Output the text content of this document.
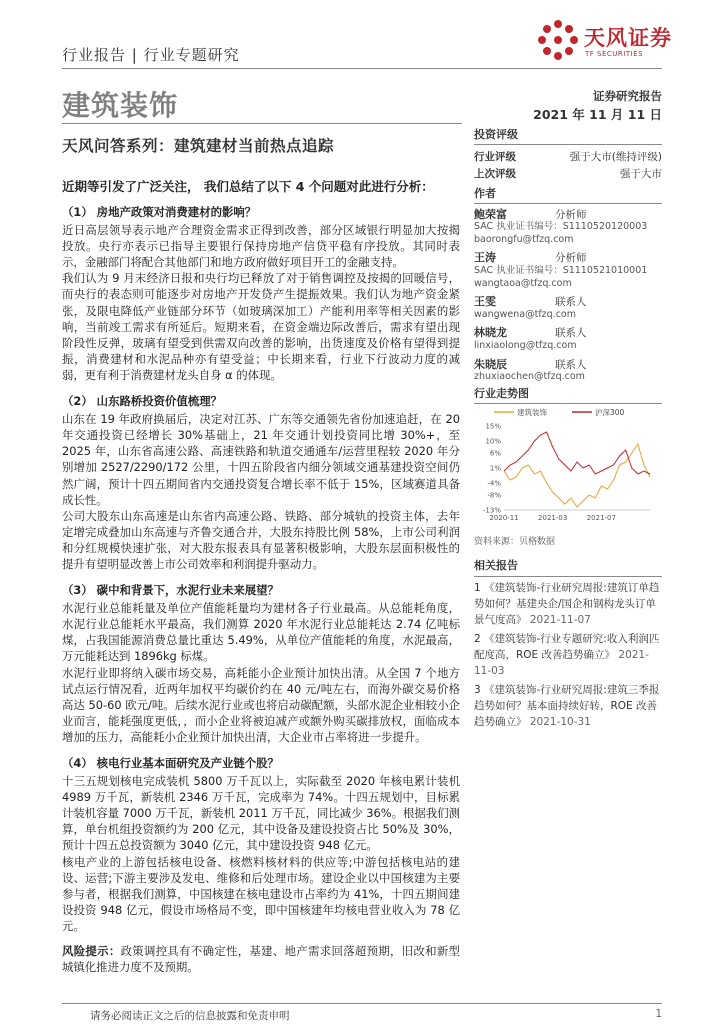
行业报告 | 行业专题研究
天风证券
TF SECURITIES
建筑装饰	证券研究报告
2021 年 11 月 11 日
天风问答系列：建筑建材当前热点追踪
近期等引发了广泛关注， 我们总结了以下 4 个问题对此进行分析：

（1） 房地产政策对消费建材的影响？

近日高层领导表示地产合理资金需求正得到改善，部分区域银行明显加大按揭投放。央行亦表示已指导主要银行保持房地产信贷平稳有序投放。其同时表示，金融部门将配合其他部门和地方政府做好项目开工的金融支持。

我们认为 9 月末经济日报和央行均已释放了对于销售调控及按揭的回暖信号，而央行的表态则可能逐步对房地产开发贷产生提振效果。我们认为地产资金紧张，及限电降低产业链部分环节（如玻璃深加工）产能利用率等相关因素的影响，当前竣工需求有所延后。短期来看，在资金端边际改善后，需求有望出现阶段性反弹，玻璃有望受到供需双向改善的影响，出货速度及价格有望得到提振，消费建材和水泥品种亦有望受益；中长期来看，行业下行波动力度的减弱，更有利于消费建材龙头自身 α 的体现。

（2） 山东路桥投资价值梳理？

山东在 19 年政府换届后，决定对江苏、广东等交通领先省份加速追赶，在 20 年交通投资已经增长 30%基础上，21 年交通计划投资同比增 30%+，至 2025 年，山东省高速公路、高速铁路和轨道交通通车/运营里程较 2020 年分别增加 2527/2290/172 公里，十四五阶段省内细分领域交通基建投资空间仍然广阔，预计十四五期间省内交通投资复合增长率不低于 15%，区域赛道具备成长性。

公司大股东山东高速是山东省内高速公路、铁路、部分城轨的投资主体，去年定增完成叠加山东高速与齐鲁交通合并，大股东持股比例 58%，上市公司利润和分红规模快速扩张，对大股东报表具有显著积极影响，大股东层面积极性的提升有望明显改善上市公司效率和利润提升驱动力。

（3） 碳中和背景下，水泥行业未来展望？

水泥行业总能耗量及单位产值能耗量均为建材各子行业最高。从总能耗角度，水泥行业总能耗水平最高，我们测算 2020 年水泥行业总能耗达 2.74 亿吨标煤，占我国能源消费总量比重达 5.49%，从单位产值能耗的角度，水泥最高，万元能耗达到 1896kg 标煤。

水泥行业即将纳入碳市场交易，高耗能小企业预计加快出清。从全国 7 个地方试点运行情况看，近两年加权平均碳价约在 40 元/吨左右，而海外碳交易价格高达 50-60 欧元/吨。后续水泥行业或也将启动碳配额，头部水泥企业相较小企业而言，能耗强度更低，，而小企业将被迫减产或额外购买碳排放权，面临成本增加的压力，高能耗小企业预计加快出清，大企业市占率将进一步提升。

（4） 核电行业基本面研究及产业链个股？

十三五规划核电完成装机 5800 万千瓦以上，实际截至 2020 年核电累计装机 4989 万千瓦，新装机 2346 万千瓦，完成率为 74%。十四五规划中，目标累计装机容量 7000 万千瓦，新装机 2011 万千瓦，同比减少 36%。根据我们测算，单台机组投资额约为 200 亿元，其中设备及建设投资占比 50%及 30%，预计十四五总投资额为 3040 亿元，其中建设投资 948 亿元。

核电产业的上游包括核电设备、核燃料核材料的供应等;中游包括核电站的建设、运营;下游主要涉及发电、维修和后处理市场。建设企业以中国核建为主要参与者，根据我们测算，中国核建在核电建设市占率约为 41%，十四五期间建设投资 948 亿元，假设市场格局不变，即中国核建年均核电营业收入为 78 亿元。

风险提示：政策调控具有不确定性，基建、地产需求回落超预期，旧改和新型城镇化推进力度不及预期。

投资评级
行业评级	强于大市(维持评级)
上次评级	强于大市
作者
鲍荣富	分析师
SAC 执业证书编号：S1110520120003
baorongfu@tfzq.com
王涛	分析师
SAC 执业证书编号：S1110521010001
wangtaoa@tfzq.com
王雯	联系人
wangwena@tfzq.com
林晓龙	联系人
linxiaolong@tfzq.com
朱晓辰	联系人
zhuxiaochen@tfzq.com
行业走势图
建筑装饰	沪深300
15%
10%
6%
1%
-4%
-8%
-13%
2020-11	2021-03	2021-07
资料来源：贝格数据
相关报告
1 《建筑装饰-行业研究周报:建筑订单趋势如何？基建央企/国企和钢构龙头订单景气度高》 2021-11-07
2 《建筑装饰-行业专题研究:收入利润匹配度高，ROE 改善趋势确立》 2021-11-03
3 《建筑装饰-行业研究周报:建筑三季报趋势如何？基本面持续好转，ROE 改善趋势确立》 2021-10-31
请务必阅读正文之后的信息披露和免责申明	1
